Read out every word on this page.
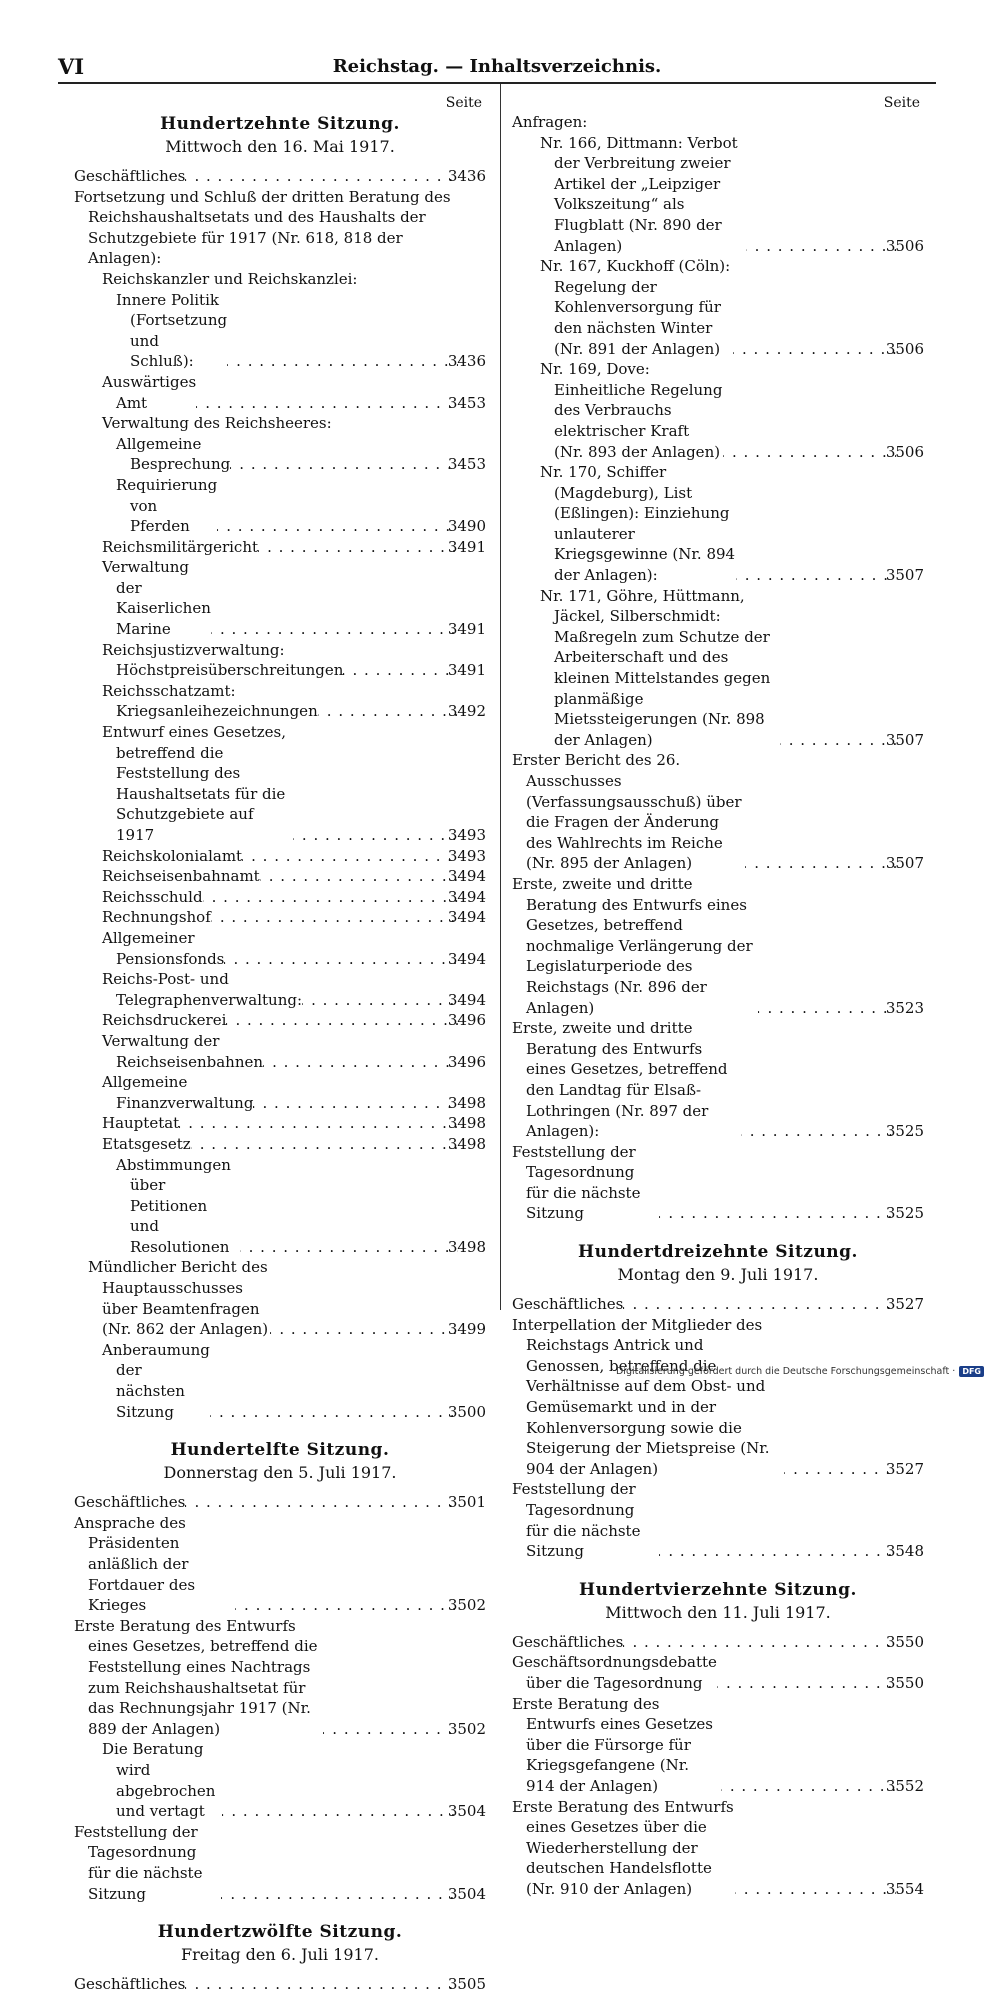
VI	Reichstag. — Inhaltsverzeichnis.
Seite
Hundertzehnte Sitzung.
Mittwoch den 16. Mai 1917.
Geschäftliches . . .	3436
Fortsetzung und Schluß der dritten Beratung des Reichshaushaltsetats und des Haushalts der Schutzgebiete für 1917 (Nr. 618, 818 der Anlagen):
Reichskanzler und Reichskanzlei:
Innere Politik (Fortsetzung und Schluß): . . .	3436
Auswärtiges Amt . . .	3453
Verwaltung des Reichsheeres:
Allgemeine Besprechung . . .	3453
Requirierung von Pferden . . .	3490
Reichsmilitärgericht . . .	3491
Verwaltung der Kaiserlichen Marine . . .	3491
Reichsjustizverwaltung:
Höchstpreisüberschreitungen . . .	3491
Reichsschatzamt:
Kriegsanleihezeichnungen . . .	3492
Entwurf eines Gesetzes, betreffend die Feststellung des Haushaltsetats für die Schutzgebiete auf 1917 . . .	3493
Reichskolonialamt . . .	3493
Reichseisenbahnamt . . .	3494
Reichsschuld . . .	3494
Rechnungshof . . .	3494
Allgemeiner Pensionsfonds . . .	3494
Reichs-Post- und Telegraphenverwaltung: . . .	3494
Reichsdruckerei . . .	3496
Verwaltung der Reichseisenbahnen . . .	3496
Allgemeine Finanzverwaltung . . .	3498
Hauptetat . . .	3498
Etatsgesetz . . .	3498
Abstimmungen über Petitionen und Resolutionen . . .	3498
Mündlicher Bericht des Hauptausschusses über Beamtenfragen (Nr. 862 der Anlagen) . . .	3499
Anberaumung der nächsten Sitzung . . .	3500
Hundertelfte Sitzung.
Donnerstag den 5. Juli 1917.
Geschäftliches . . .	3501
Ansprache des Präsidenten anläßlich der Fortdauer des Krieges . . .	3502
Erste Beratung des Entwurfs eines Gesetzes, betreffend die Feststellung eines Nachtrags zum Reichshaushaltsetat für das Rechnungsjahr 1917 (Nr. 889 der Anlagen) . . .	3502
Die Beratung wird abgebrochen und vertagt . . .	3504
Feststellung der Tagesordnung für die nächste Sitzung . . .	3504
Hundertzwölfte Sitzung.
Freitag den 6. Juli 1917.
Geschäftliches . . .	3505
Seite
Anfragen:
Nr. 166, Dittmann: Verbot der Verbreitung zweier Artikel der „Leipziger Volkszeitung“ als Flugblatt (Nr. 890 der Anlagen) . . .	3506
Nr. 167, Kuckhoff (Cöln): Regelung der Kohlenversorgung für den nächsten Winter (Nr. 891 der Anlagen) . . .	3506
Nr. 169, Dove: Einheitliche Regelung des Verbrauchs elektrischer Kraft (Nr. 893 der Anlagen) . . .	3506
Nr. 170, Schiffer (Magdeburg), List (Eßlingen): Einziehung unlauterer Kriegsgewinne (Nr. 894 der Anlagen): . . .	3507
Nr. 171, Göhre, Hüttmann, Jäckel, Silberschmidt: Maßregeln zum Schutze der Arbeiterschaft und des kleinen Mittelstandes gegen planmäßige Mietssteigerungen (Nr. 898 der Anlagen) . . .	3507
Erster Bericht des 26. Ausschusses (Verfassungsausschuß) über die Fragen der Änderung des Wahlrechts im Reiche (Nr. 895 der Anlagen) . . .	3507
Erste, zweite und dritte Beratung des Entwurfs eines Gesetzes, betreffend nochmalige Verlängerung der Legislaturperiode des Reichstags (Nr. 896 der Anlagen) . . .	3523
Erste, zweite und dritte Beratung des Entwurfs eines Gesetzes, betreffend den Landtag für Elsaß-Lothringen (Nr. 897 der Anlagen): . . .	3525
Feststellung der Tagesordnung für die nächste Sitzung . . .	3525
Hundertdreizehnte Sitzung.
Montag den 9. Juli 1917.
Geschäftliches . . .	3527
Interpellation der Mitglieder des Reichstags Antrick und Genossen, betreffend die Verhältnisse auf dem Obst- und Gemüsemarkt und in der Kohlenversorgung sowie die Steigerung der Mietspreise (Nr. 904 der Anlagen) . . .	3527
Feststellung der Tagesordnung für die nächste Sitzung . . .	3548
Hundertvierzehnte Sitzung.
Mittwoch den 11. Juli 1917.
Geschäftliches . . .	3550
Geschäftsordnungsdebatte über die Tagesordnung . . .	3550
Erste Beratung des Entwurfs eines Gesetzes über die Fürsorge für Kriegsgefangene (Nr. 914 der Anlagen) . . .	3552
Erste Beratung des Entwurfs eines Gesetzes über die Wiederherstellung der deutschen Handelsflotte (Nr. 910 der Anlagen) . . .	3554
Digitalisierung gefördert durch die Deutsche Forschungsgemeinschaft · DFG
